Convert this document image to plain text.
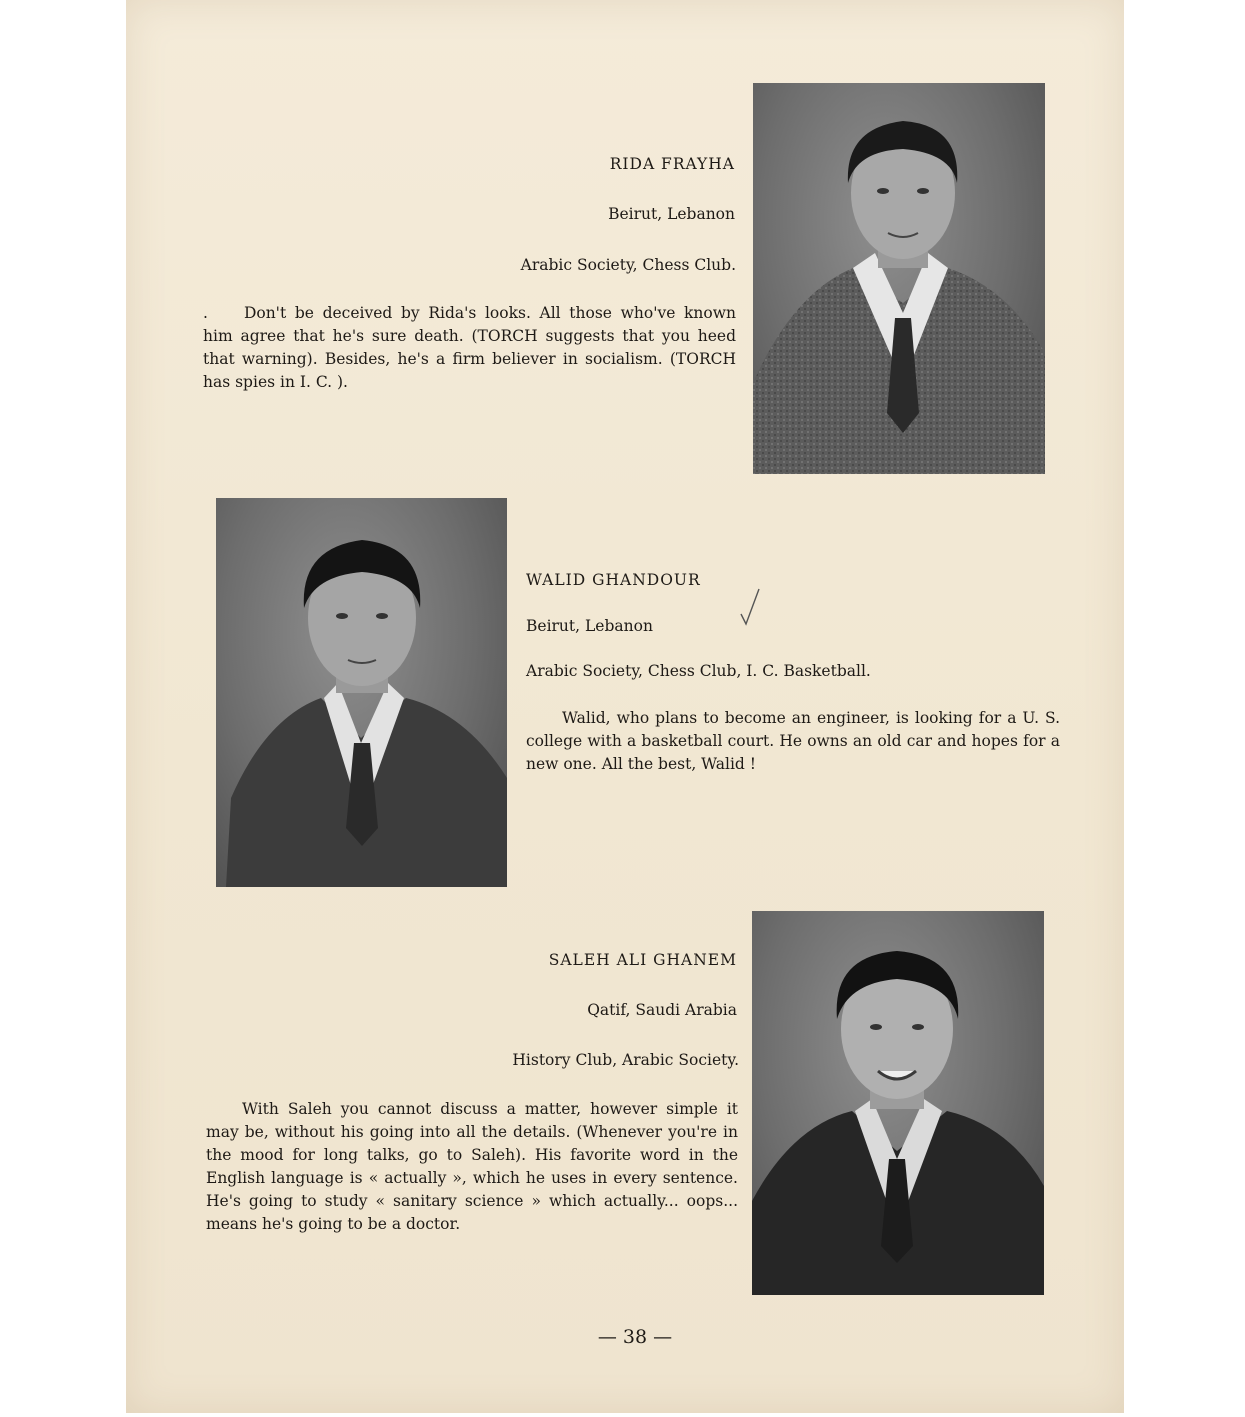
RIDA FRAYHA
Beirut, Lebanon
Arabic Society, Chess Club.
. Don't be deceived by Rida's looks. All those who've known him agree that he's sure death. (TORCH suggests that you heed that warning). Besides, he's a firm believer in socialism. (TORCH has spies in I. C. ).
WALID GHANDOUR
Beirut, Lebanon
Arabic Society, Chess Club, I. C. Basketball.
Walid, who plans to become an engineer, is looking for a U. S. college with a basketball court. He owns an old car and hopes for a new one. All the best, Walid !
SALEH ALI GHANEM
Qatif, Saudi Arabia
History Club, Arabic Society.
With Saleh you cannot discuss a matter, however simple it may be, without his going into all the details. (Whenever you're in the mood for long talks, go to Saleh). His favorite word in the English language is « actually », which he uses in every sentence. He's going to study « sanitary science » which actually... oops... means he's going to be a doctor.
— 38 —
